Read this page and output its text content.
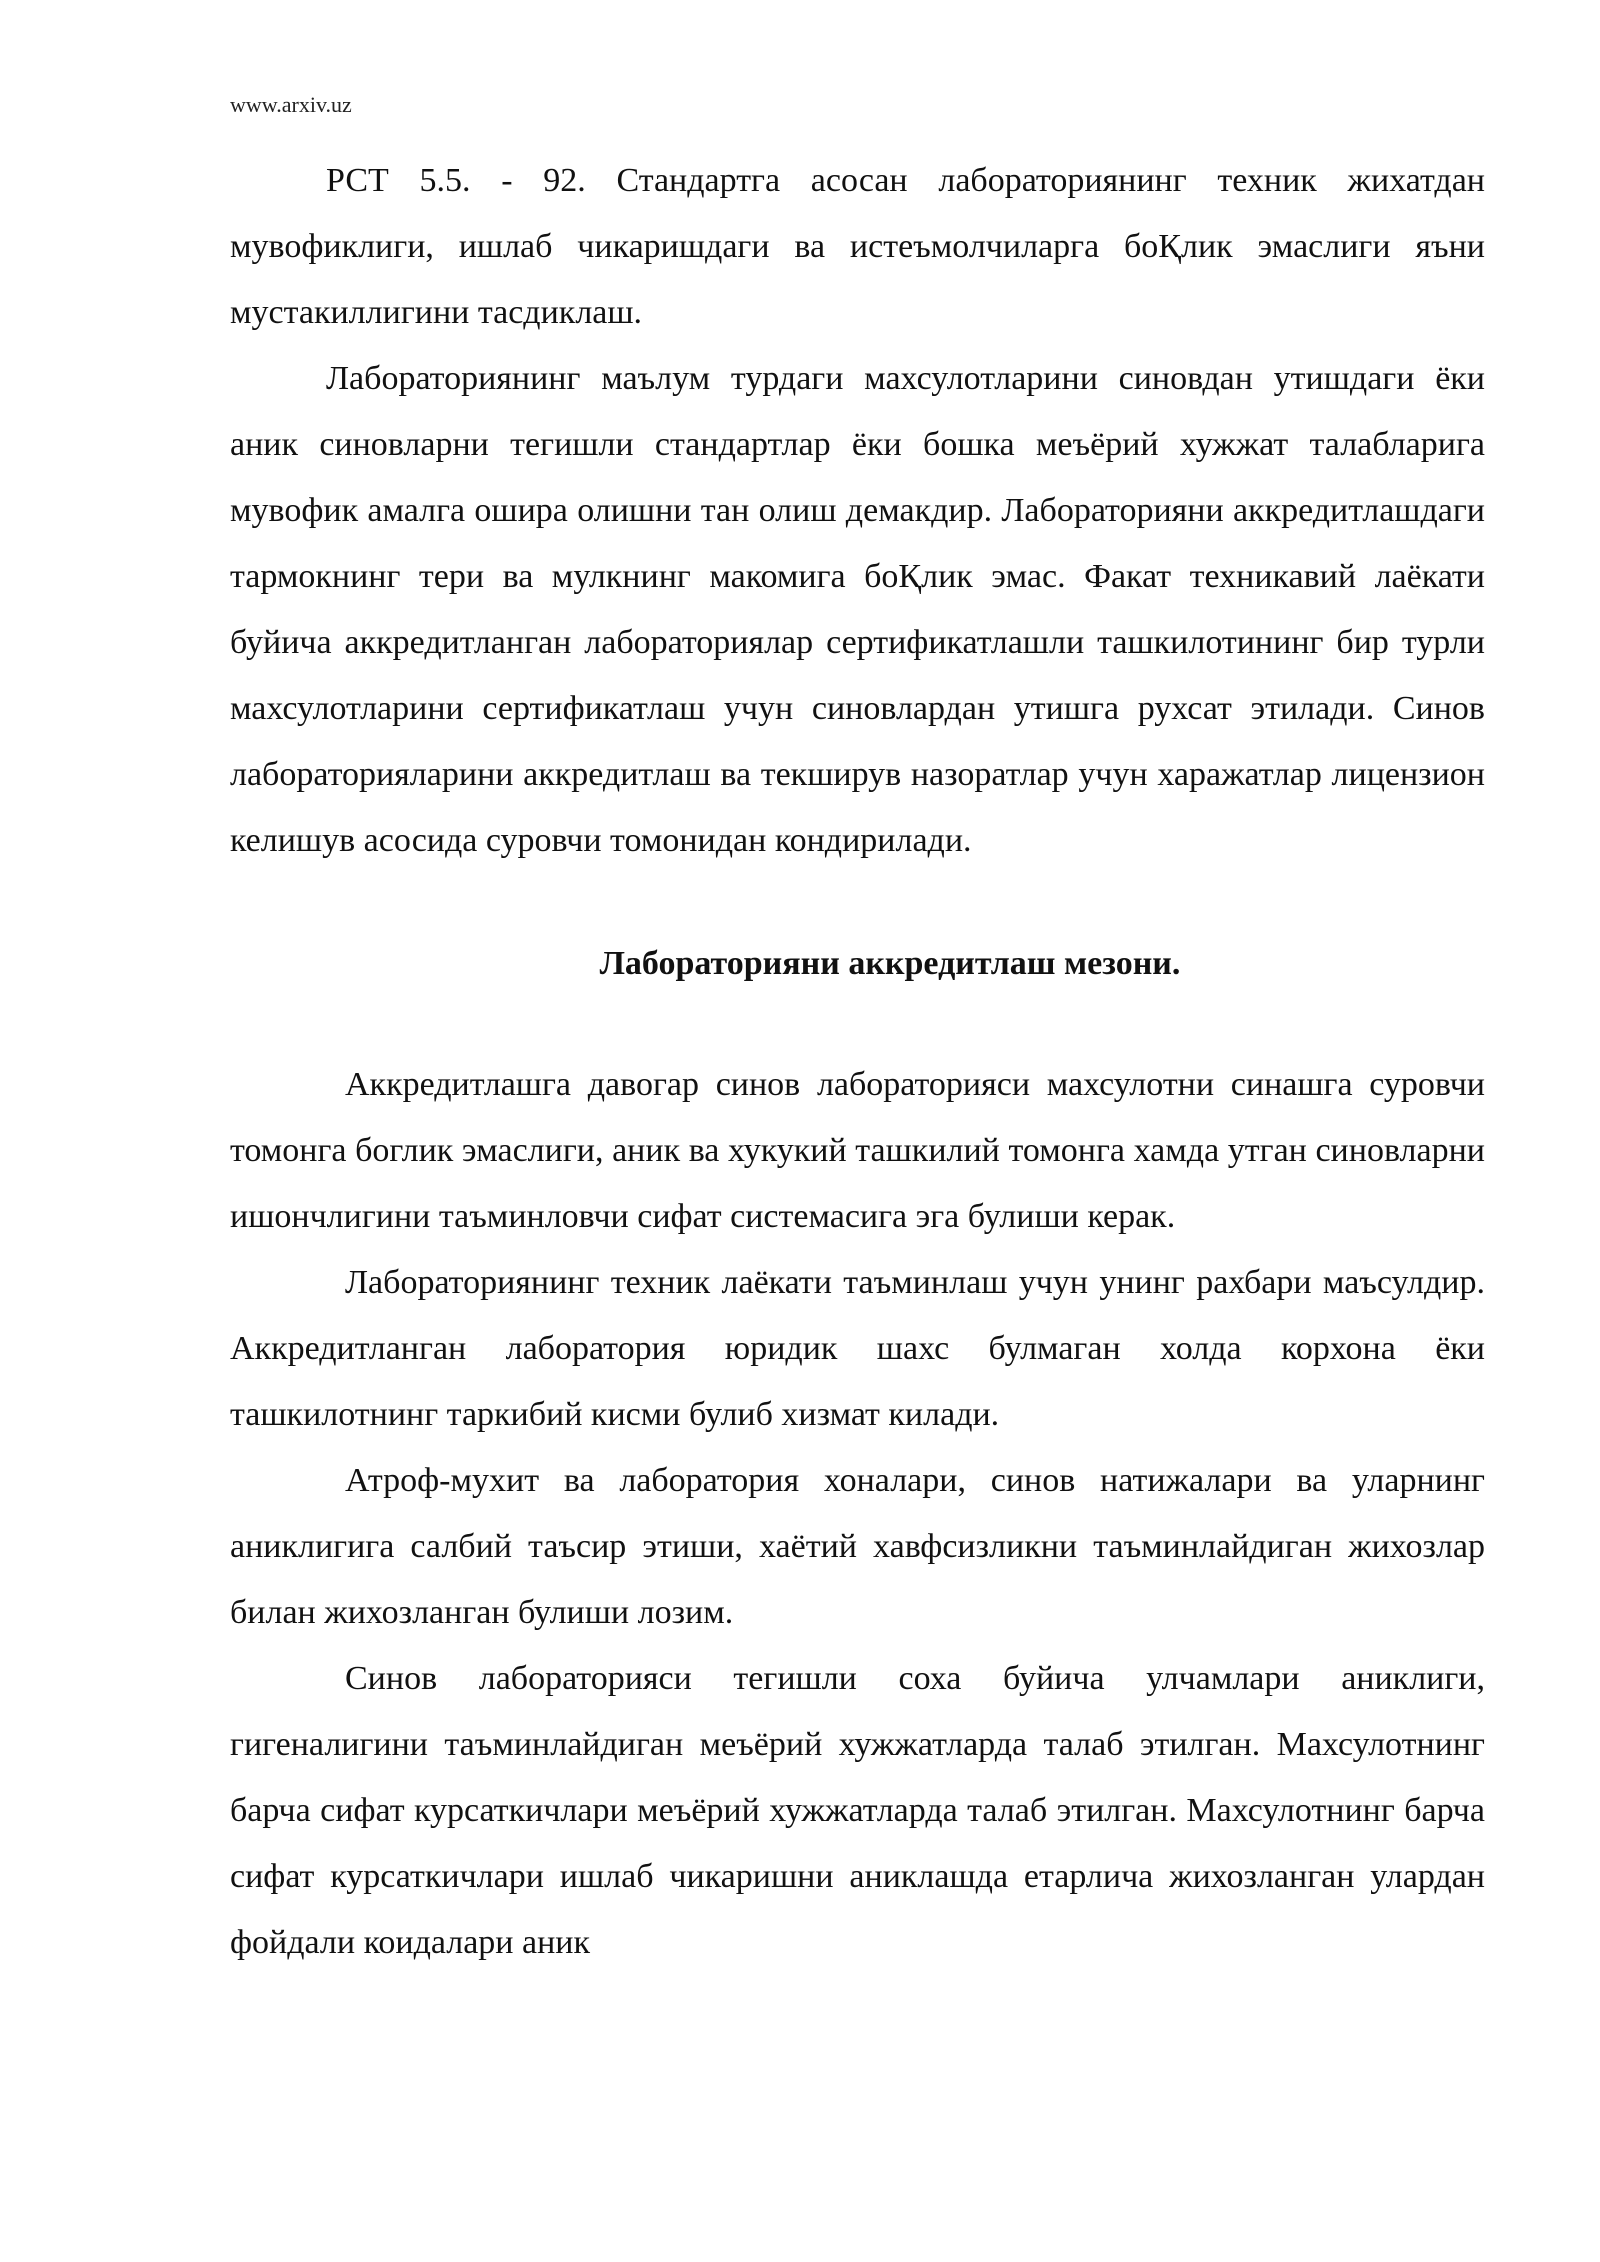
www.arxiv.uz

РСТ 5.5. - 92. Стандартга асосан лабораториянинг техник жихатдан мувофиклиги, ишлаб чикаришдаги ва истеъмолчиларга боҚлик эмаслиги яъни мустакиллигини тасдиклаш.

Лабораториянинг маълум турдаги махсулотларини синовдан утишдаги ёки аник синовларни тегишли стандартлар ёки бошка меъёрий хужжат талабларига мувофик амалга ошира олишни тан олиш демакдир. Лабораторияни аккредитлашдаги тармокнинг тери ва мулкнинг макомига боҚлик эмас. Факат техникавий лаёкати буйича аккредитланган лабораториялар сертификатлашли ташкилотининг бир турли махсулотларини сертификатлаш учун синовлардан утишга рухсат этилади. Синов лабораторияларини аккредитлаш ва текширув назоратлар учун харажатлар лицензион келишув асосида суровчи томонидан кондирилади.

Лабораторияни аккредитлаш мезони.

Аккредитлашга давогар синов лабораторияси махсулотни синашга суровчи томонга боглик эмаслиги, аник ва хукукий ташкилий томонга хамда утган синовларни ишончлигини таъминловчи сифат системасига эга булиши керак.

Лабораториянинг техник лаёкати таъминлаш учун унинг рахбари маъсулдир. Аккредитланган лаборатория юридик шахс булмаган холда корхона ёки ташкилотнинг таркибий кисми булиб хизмат килади.

Атроф-мухит ва лаборатория хоналари, синов натижалари ва уларнинг аниклигига салбий таъсир этиши, хаётий хавфсизликни таъминлайдиган жихозлар билан жихозланган булиши лозим.

Синов лабораторияси тегишли соха буйича улчамлари аниклиги, гигеналигини таъминлайдиган меъёрий хужжатларда талаб этилган. Махсулотнинг барча сифат курсаткичлари меъёрий хужжатларда талаб этилган. Махсулотнинг барча сифат курсаткичлари ишлаб чикаришни аниклашда етарлича жихозланган улардан фойдали коидалари аник
